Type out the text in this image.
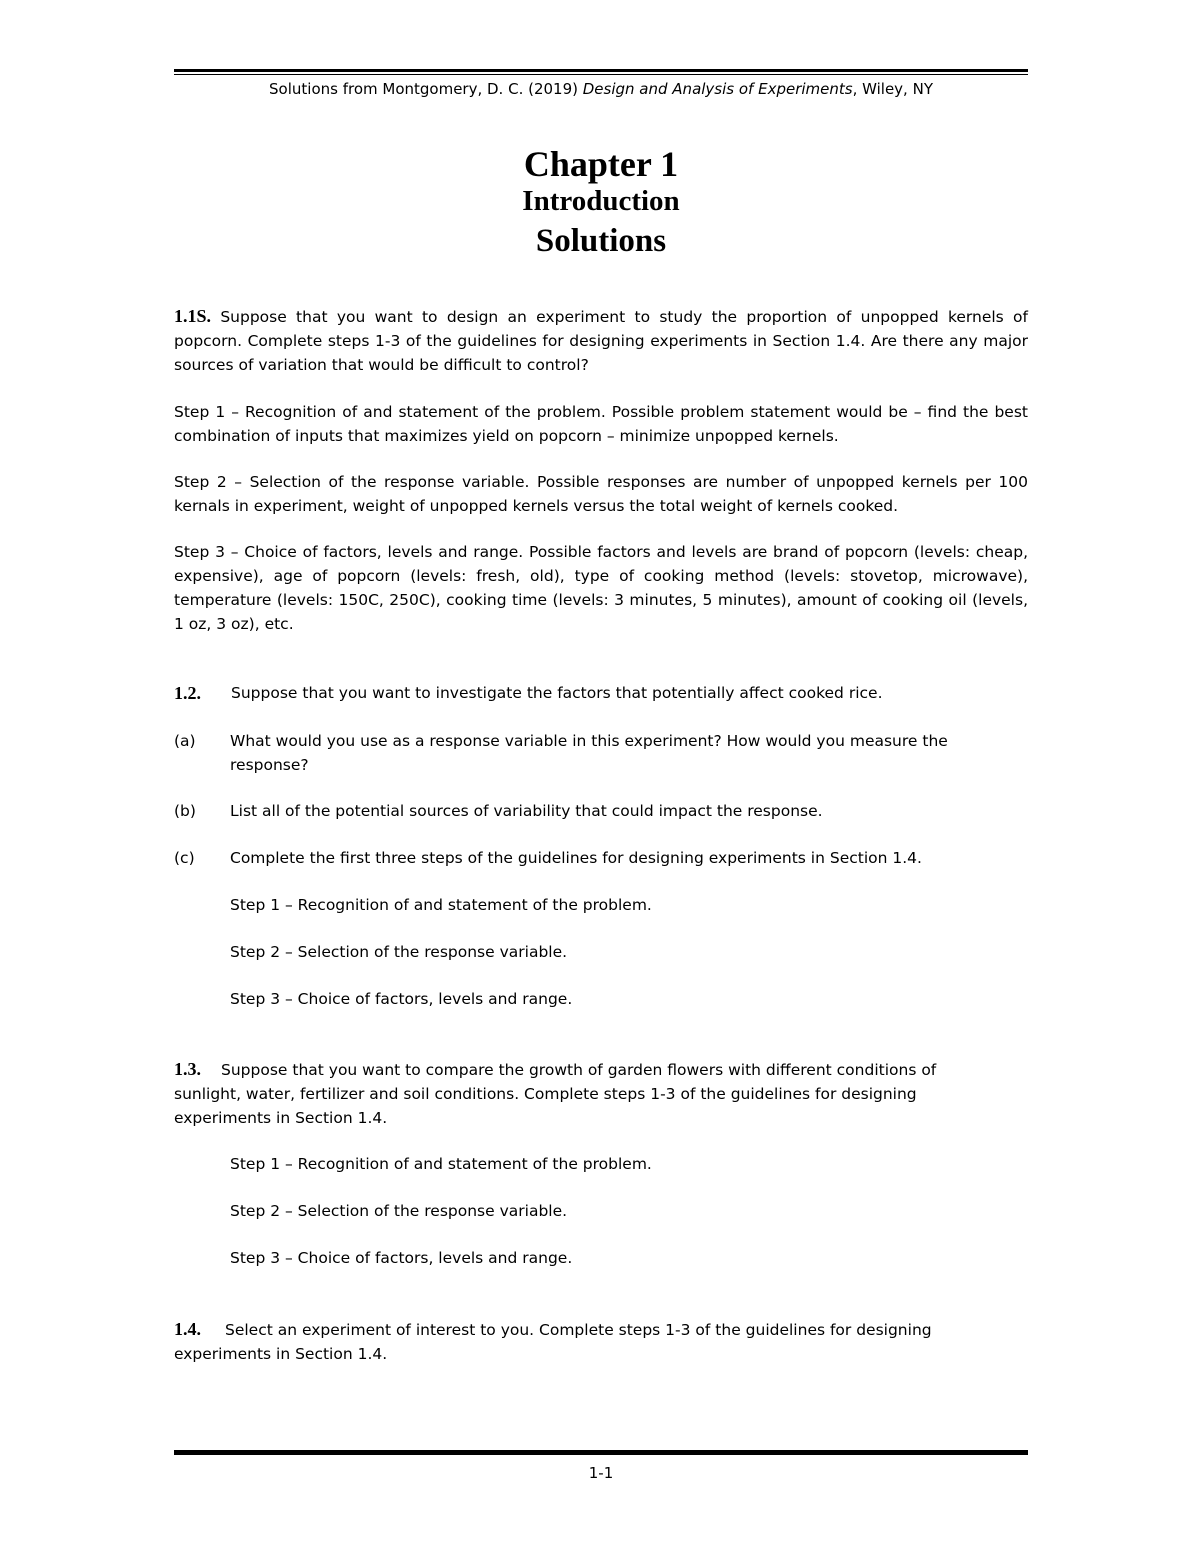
Solutions from Montgomery, D. C. (2019) Design and Analysis of Experiments, Wiley, NY
Chapter 1
Introduction
Solutions
1.1S. Suppose that you want to design an experiment to study the proportion of unpopped kernels of popcorn. Complete steps 1-3 of the guidelines for designing experiments in Section 1.4. Are there any major sources of variation that would be difficult to control?
Step 1 – Recognition of and statement of the problem. Possible problem statement would be – find the best combination of inputs that maximizes yield on popcorn – minimize unpopped kernels.
Step 2 – Selection of the response variable. Possible responses are number of unpopped kernels per 100 kernals in experiment, weight of unpopped kernels versus the total weight of kernels cooked.
Step 3 – Choice of factors, levels and range. Possible factors and levels are brand of popcorn (levels: cheap, expensive), age of popcorn (levels: fresh, old), type of cooking method (levels: stovetop, microwave), temperature (levels: 150C, 250C), cooking time (levels: 3 minutes, 5 minutes), amount of cooking oil (levels, 1 oz, 3 oz), etc.
1.2. Suppose that you want to investigate the factors that potentially affect cooked rice.
(a) What would you use as a response variable in this experiment? How would you measure the response?
(b) List all of the potential sources of variability that could impact the response.
(c) Complete the first three steps of the guidelines for designing experiments in Section 1.4.
Step 1 – Recognition of and statement of the problem.
Step 2 – Selection of the response variable.
Step 3 – Choice of factors, levels and range.
1.3. Suppose that you want to compare the growth of garden flowers with different conditions of sunlight, water, fertilizer and soil conditions. Complete steps 1-3 of the guidelines for designing experiments in Section 1.4.
Step 1 – Recognition of and statement of the problem.
Step 2 – Selection of the response variable.
Step 3 – Choice of factors, levels and range.
1.4. Select an experiment of interest to you. Complete steps 1-3 of the guidelines for designing experiments in Section 1.4.
1-1
